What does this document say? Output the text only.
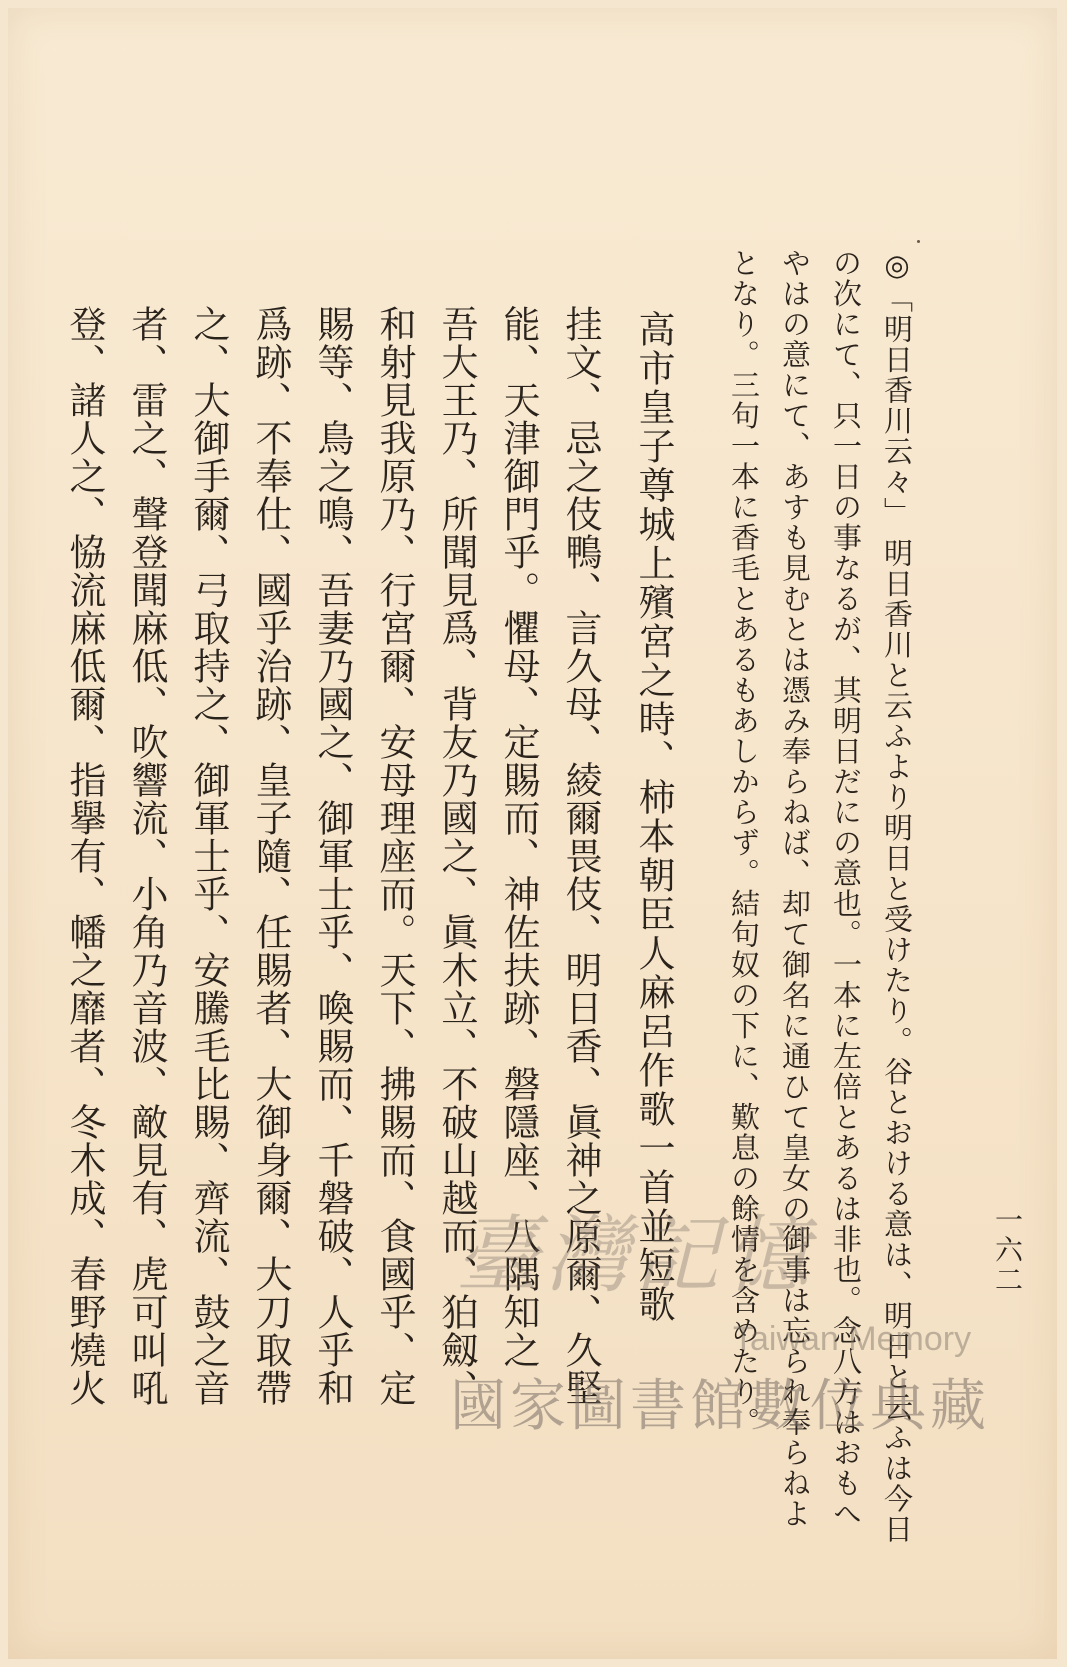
一六二
◎「明日香川云々」 明日香川と云ふより明日と受けたり。谷とおける意は、明日と云ふは今日
の次にて、只一日の事なるが、其明日だにの意也。一本に左倍とあるは非也。念八方はおもへ
やはの意にて、あすも見むとは憑み奉らねば、却て御名に通ひて皇女の御事は忘られ奉らねよ
となり。三句一本に香毛とあるもあしからず。結句奴の下に、歎息の餘情を含めたり。
高市皇子尊城上殯宮之時、柿本朝臣人麻呂作歌一首並短歌
挂文、忌之伎鴨、言久母、綾爾畏伎、明日香、眞神之原爾、久堅
能、天津御門乎。懼母、定賜而、神佐扶跡、磐隱座、八隅知之
吾大王乃、所聞見爲、背友乃國之、眞木立、不破山越而、狛劔、
和射見我原乃、行宮爾、安母理座而。天下、拂賜而、食國乎、定
賜等、鳥之鳴、吾妻乃國之、御軍士乎、喚賜而、千磐破、人乎和
爲跡、不奉仕、國乎治跡、皇子隨、任賜者、大御身爾、大刀取帶
之、大御手爾、弓取持之、御軍士乎、安騰毛比賜、齊流、鼓之音
者、雷之、聲登聞麻低、吹響流、小角乃音波、敵見有、虎可叫吼
登、諸人之、恊流麻低爾、指擧有、幡之靡者、冬木成、春野燒火	臺灣記憶
Taiwan Memory
國家圖書館數位典藏
